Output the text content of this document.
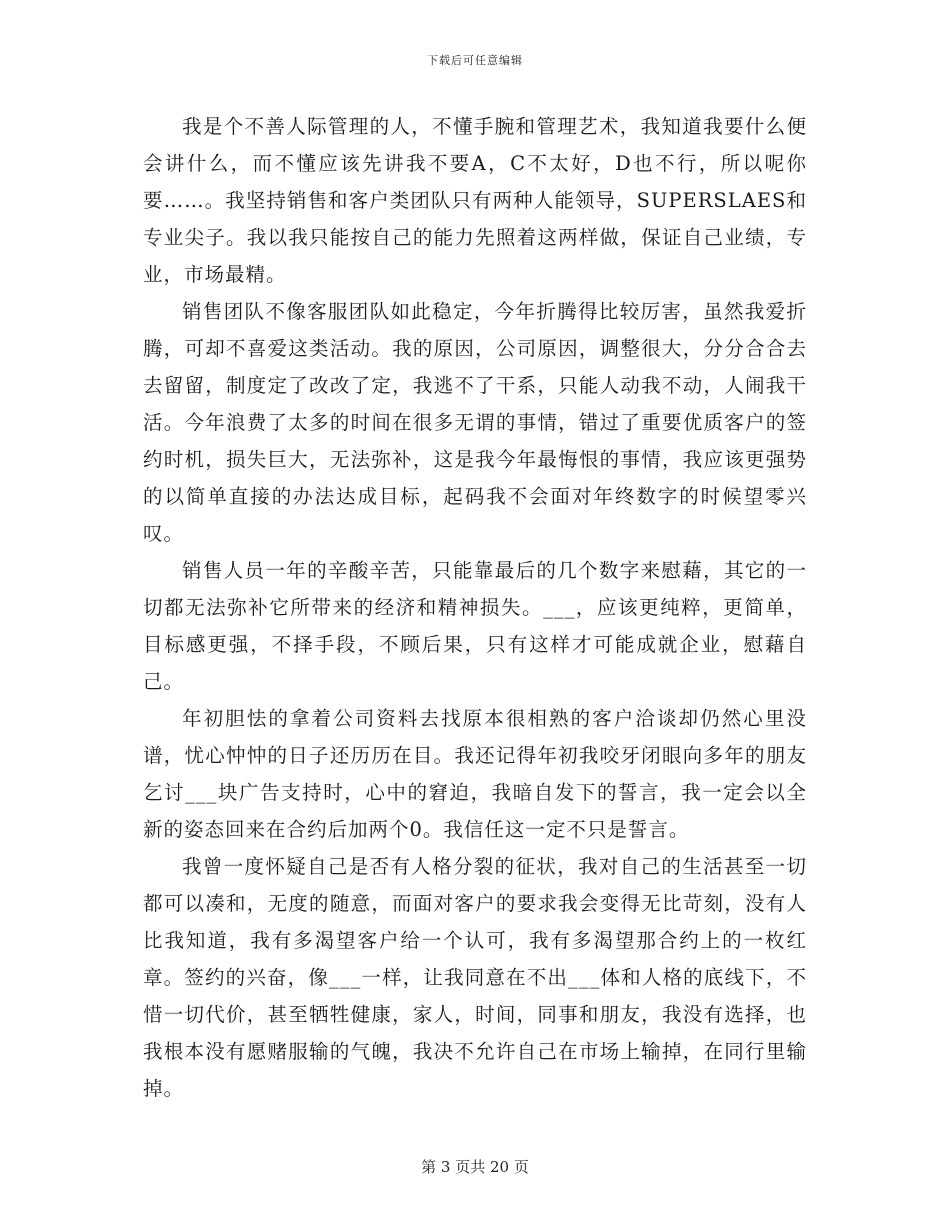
下载后可任意编辑

我是个不善人际管理的人，不懂手腕和管理艺术，我知道我要什么便会讲什么，而不懂应该先讲我不要A，C不太好，D也不行，所以呢你要……。我坚持销售和客户类团队只有两种人能领导，SUPERSLAES和专业尖子。我以我只能按自己的能力先照着这两样做，保证自己业绩，专业，市场最精。

销售团队不像客服团队如此稳定，今年折腾得比较厉害，虽然我爱折腾，可却不喜爱这类活动。我的原因，公司原因，调整很大，分分合合去去留留，制度定了改改了定，我逃不了干系，只能人动我不动，人闹我干活。今年浪费了太多的时间在很多无谓的事情，错过了重要优质客户的签约时机，损失巨大，无法弥补，这是我今年最悔恨的事情，我应该更强势的以简单直接的办法达成目标，起码我不会面对年终数字的时候望零兴叹。

销售人员一年的辛酸辛苦，只能靠最后的几个数字来慰藉，其它的一切都无法弥补它所带来的经济和精神损失。___，应该更纯粹，更简单，目标感更强，不择手段，不顾后果，只有这样才可能成就企业，慰藉自己。

年初胆怯的拿着公司资料去找原本很相熟的客户洽谈却仍然心里没谱，忧心忡忡的日子还历历在目。我还记得年初我咬牙闭眼向多年的朋友乞讨___块广告支持时，心中的窘迫，我暗自发下的誓言，我一定会以全新的姿态回来在合约后加两个0。我信任这一定不只是誓言。

我曾一度怀疑自己是否有人格分裂的征状，我对自己的生活甚至一切都可以凑和，无度的随意，而面对客户的要求我会变得无比苛刻，没有人比我知道，我有多渴望客户给一个认可，我有多渴望那合约上的一枚红章。签约的兴奋，像___一样，让我同意在不出___体和人格的底线下，不惜一切代价，甚至牺牲健康，家人，时间，同事和朋友，我没有选择，也我根本没有愿赌服输的气魄，我决不允许自己在市场上输掉，在同行里输掉。

第 3 页共 20 页
